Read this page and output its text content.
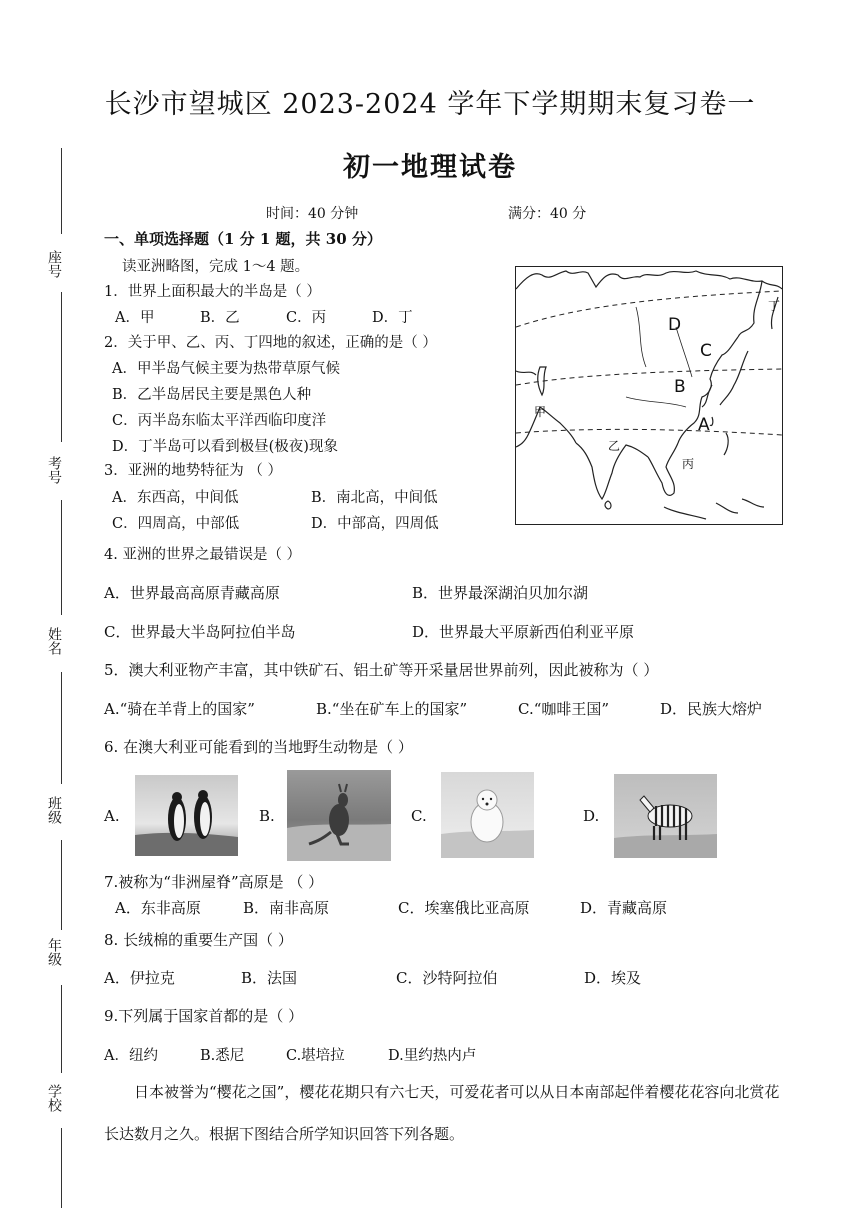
座号
考号
姓名
班级
年级
学校
长沙市望城区 2023-2024 学年下学期期末复习卷一
初一地理试卷
时间：40 分钟	满分：40 分
一、单项选择题（1 分 1 题，共 30 分）
读亚洲略图，完成 1～4 题。
甲
乙
丙
丁
A
B
C
D
1．世界上面积最大的半岛是（ ）
A．甲	B．乙	C．丙	D．丁
2．关于甲、乙、丙、丁四地的叙述，正确的是（ ）
A．甲半岛气候主要为热带草原气候
B．乙半岛居民主要是黑色人种
C．丙半岛东临太平洋西临印度洋
D．丁半岛可以看到极昼(极夜)现象
3．亚洲的地势特征为 （ ）
A．东西高，中间低	B．南北高，中间低
C．四周高，中部低	D．中部高，四周低
4. 亚洲的世界之最错误是（ ）
A．世界最高高原青藏高原	B．世界最深湖泊贝加尔湖
C．世界最大半岛阿拉伯半岛	D．世界最大平原新西伯利亚平原
5．澳大利亚物产丰富，其中铁矿石、铝土矿等开采量居世界前列，因此被称为（ ）
A.“骑在羊背上的国家”	B.“坐在矿车上的国家”	C.“咖啡王国”	D．民族大熔炉
6. 在澳大利亚可能看到的当地野生动物是（ ）
A.	B.	C.	D.
7.被称为“非洲屋脊”高原是 （ ）
A．东非高原	B．南非高原	C．埃塞俄比亚高原	D．青藏高原
8. 长绒棉的重要生产国（ ）
A．伊拉克	B．法国	C．沙特阿拉伯	D．埃及
9.下列属于国家首都的是（ ）
A．纽约	B.悉尼	C.堪培拉	D.里约热内卢
日本被誉为“樱花之国”，樱花花期只有六七天，可爱花者可以从日本南部起伴着樱花花容向北赏花长达数月之久。根据下图结合所学知识回答下列各题。
